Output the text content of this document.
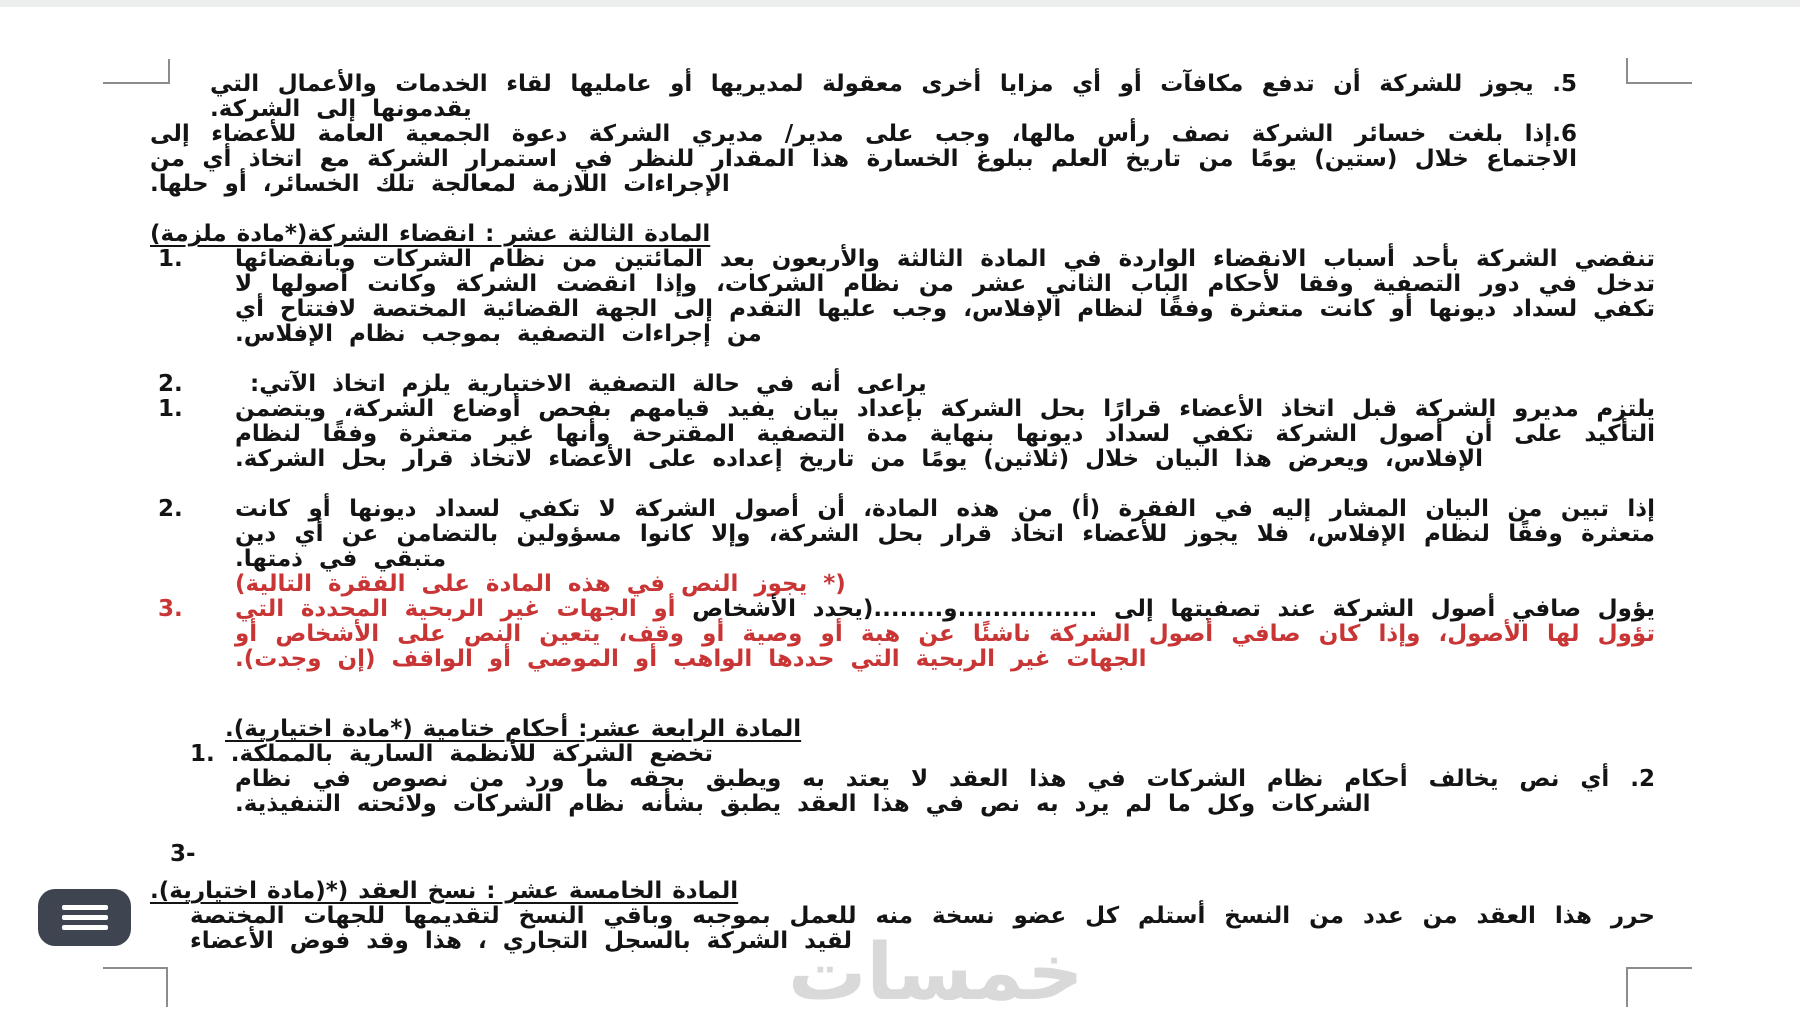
5. يجوز للشركة أن تدفع مكافآت أو أي مزايا أخرى معقولة لمديريها أو عامليها لقاء الخدمات والأعمال التي يقدمونها إلى الشركة.

6.إذا بلغت خسائر الشركة نصف رأس مالها، وجب على مدير/ مديري الشركة دعوة الجمعية العامة للأعضاء إلى الاجتماع خلال (ستين) يومًا من تاريخ العلم ببلوغ الخسارة هذا المقدار للنظر في استمرار الشركة مع اتخاذ أي من الإجراءات اللازمة لمعالجة تلك الخسائر، أو حلها.

المادة الثالثة عشر : انقضاء الشركة(*مادة ملزمة)

1.	تنقضي الشركة بأحد أسباب الانقضاء الواردة في المادة الثالثة والأربعون بعد المائتين من نظام الشركات وبانقضائها تدخل في دور التصفية وفقا لأحكام الباب الثاني عشر من نظام الشركات، وإذا انقضت الشركة وكانت أصولها لا تكفي لسداد ديونها أو كانت متعثرة وفقًا لنظام الإفلاس، وجب عليها التقدم إلى الجهة القضائية المختصة لافتتاح أي من إجراءات التصفية بموجب نظام الإفلاس.
2.	يراعى أنه في حالة التصفية الاختيارية يلزم اتخاذ الآتي:
1.	يلتزم مديرو الشركة قبل اتخاذ الأعضاء قرارًا بحل الشركة بإعداد بيان يفيد قيامهم بفحص أوضاع الشركة، ويتضمن التأكيد على أن أصول الشركة تكفي لسداد ديونها بنهاية مدة التصفية المقترحة وأنها غير متعثرة وفقًا لنظام الإفلاس، ويعرض هذا البيان خلال (ثلاثين) يومًا من تاريخ إعداده على الأعضاء لاتخاذ قرار بحل الشركة.
2.	إذا تبين من البيان المشار إليه في الفقرة (أ) من هذه المادة، أن أصول الشركة لا تكفي لسداد ديونها أو كانت متعثرة وفقًا لنظام الإفلاس، فلا يجوز للأعضاء اتخاذ قرار بحل الشركة، وإلا كانوا مسؤولين بالتضامن عن أي دين متبقي في ذمتها.

(* يجوز النص في هذه المادة على الفقرة التالية)

3.	يؤول صافي أصول الشركة عند تصفيتها إلى ................و........(يحدد الأشخاص أو الجهات غير الربحية المحددة التي تؤول لها الأصول، وإذا كان صافي أصول الشركة ناشئًا عن هبة أو وصية أو وقف، يتعين النص على الأشخاص أو الجهات غير الربحية التي حددها الواهب أو الموصي أو الواقف (إن وجدت).

المادة الرابعة عشر: أحكام ختامية (*مادة اختيارية).

1. تخضع الشركة للأنظمة السارية بالمملكة.

2. أي نص يخالف أحكام نظام الشركات في هذا العقد لا يعتد به ويطبق بحقه ما ورد من نصوص في نظام الشركات وكل ما لم يرد به نص في هذا العقد يطبق بشأنه نظام الشركات ولائحته التنفيذية.

3-

المادة الخامسة عشر : نسخ العقد (*(مادة اختيارية).

حرر هذا العقد من عدد من النسخ أستلم كل عضو نسخة منه للعمل بموجبه وباقي النسخ لتقديمها للجهات المختصة لقيد الشركة بالسجل التجاري ، هذا وقد فوض الأعضاء

خمسات
